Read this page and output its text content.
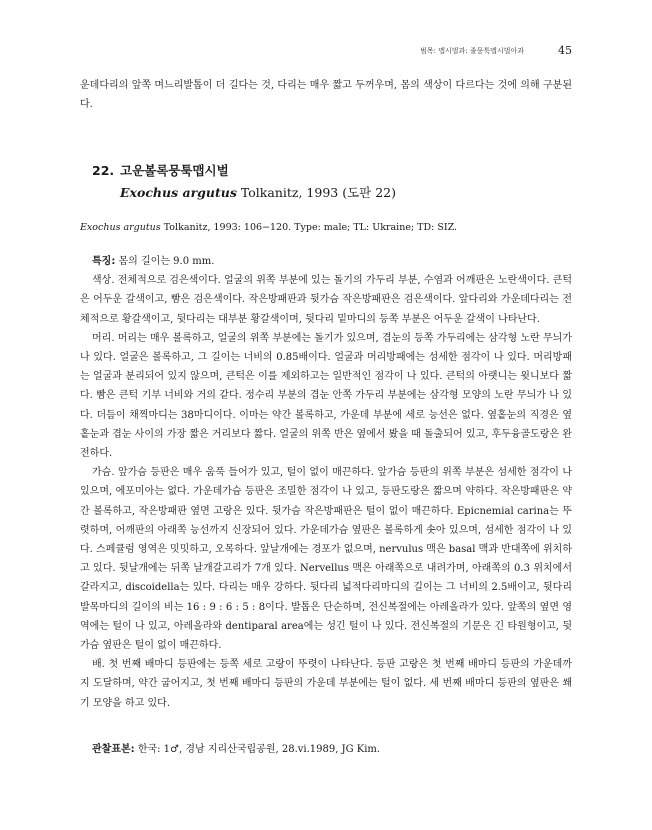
범목: 맵시벌과: 줄뭉툭맵시벌아과	45
운데다리의 앞쪽 며느리발톱이 더 길다는 것, 다리는 매우 짧고 두꺼우며, 몸의 색상이 다르다는 것에 의해 구분된다.
22. 고운볼록뭉툭맵시벌
Exochus argutus Tolkanitz, 1993 (도판 22)
Exochus argutus Tolkanitz, 1993: 106−120. Type: male; TL: Ukraine; TD: SIZ.

특징: 몸의 길이는 9.0 mm.

색상. 전체적으로 검은색이다. 얼굴의 위쪽 부분에 있는 돌기의 가두리 부분, 수염과 어깨판은 노란색이다. 큰턱은 어두운 갈색이고, 빰은 검은색이다. 작은방패판과 뒷가슴 작은방패판은 검은색이다. 앞다리와 가운데다리는 전체적으로 황갈색이고, 뒷다리는 대부분 황갈색이며, 뒷다리 밑마디의 등쪽 부분은 어두운 갈색이 나타난다.

머리. 머리는 매우 볼록하고, 얼굴의 위쪽 부분에는 돌기가 있으며, 겹눈의 등쪽 가두리에는 삼각형 노란 무늬가 나 있다. 얼굴은 볼록하고, 그 길이는 너비의 0.85배이다. 얼굴과 머리방패에는 섬세한 점각이 나 있다. 머리방패는 얼굴과 분리되어 있지 않으며, 큰턱은 이를 제외하고는 일반적인 점각이 나 있다. 큰턱의 아랫니는 윗니보다 짧다. 빰은 큰턱 기부 너비와 거의 같다. 정수리 부분의 겹눈 안쪽 가두리 부분에는 삼각형 모양의 노란 무늬가 나 있다. 더듬이 채찍마디는 38마디이다. 이마는 약간 볼록하고, 가운데 부분에 세로 능선은 없다. 옆홑눈의 직경은 옆홑눈과 겹눈 사이의 가장 짧은 거리보다 짧다. 얼굴의 위쪽 반은 옆에서 봤을 때 돌출되어 있고, 후두융골도랑은 완전하다.

가슴. 앞가슴 등판은 매우 움푹 들어가 있고, 털이 없이 매끈하다. 앞가슴 등판의 위쪽 부분은 섬세한 점각이 나 있으며, 에포미아는 없다. 가운데가슴 등판은 조밀한 점각이 나 있고, 등판도랑은 짧으며 약하다. 작은방패판은 약간 볼록하고, 작은방패판 옆면 고랑은 있다. 뒷가슴 작은방패판은 털이 없이 매끈하다. Epicnemial carina는 뚜렷하며, 어깨판의 아래쪽 능선까지 신장되어 있다. 가운데가슴 옆판은 볼록하게 솟아 있으며, 섬세한 점각이 나 있다. 스페큘럼 영역은 밋밋하고, 오목하다. 앞날개에는 경포가 없으며, nervulus 맥은 basal 맥과 반대쪽에 위치하고 있다. 뒷날개에는 뒤쪽 날개갈고리가 7개 있다. Nervellus 맥은 아래쪽으로 내려가며, 아래쪽의 0.3 위치에서 갈라지고, discoidella는 있다. 다리는 매우 강하다. 뒷다리 넓적다리마디의 길이는 그 너비의 2.5배이고, 뒷다리 발목마디의 길이의 비는 16 : 9 : 6 : 5 : 8이다. 발톱은 단순하며, 전신복절에는 아레올라가 있다. 앞쪽의 옆면 영역에는 털이 나 있고, 아레올라와 dentiparal area에는 성긴 털이 나 있다. 전신복절의 기문은 긴 타원형이고, 뒷가슴 옆판은 털이 없이 매끈하다.

배. 첫 번째 배마디 등판에는 등쪽 세로 고랑이 뚜렷이 나타난다. 등판 고랑은 첫 번째 배마디 등판의 가운데까지 도달하며, 약간 굽어지고, 첫 번째 배마디 등판의 가운데 부분에는 털이 없다. 세 번째 배마디 등판의 옆판은 쐐기 모양을 하고 있다.

관찰표본: 한국: 1♂, 경남 지리산국립공원, 28.vi.1989, JG Kim.
